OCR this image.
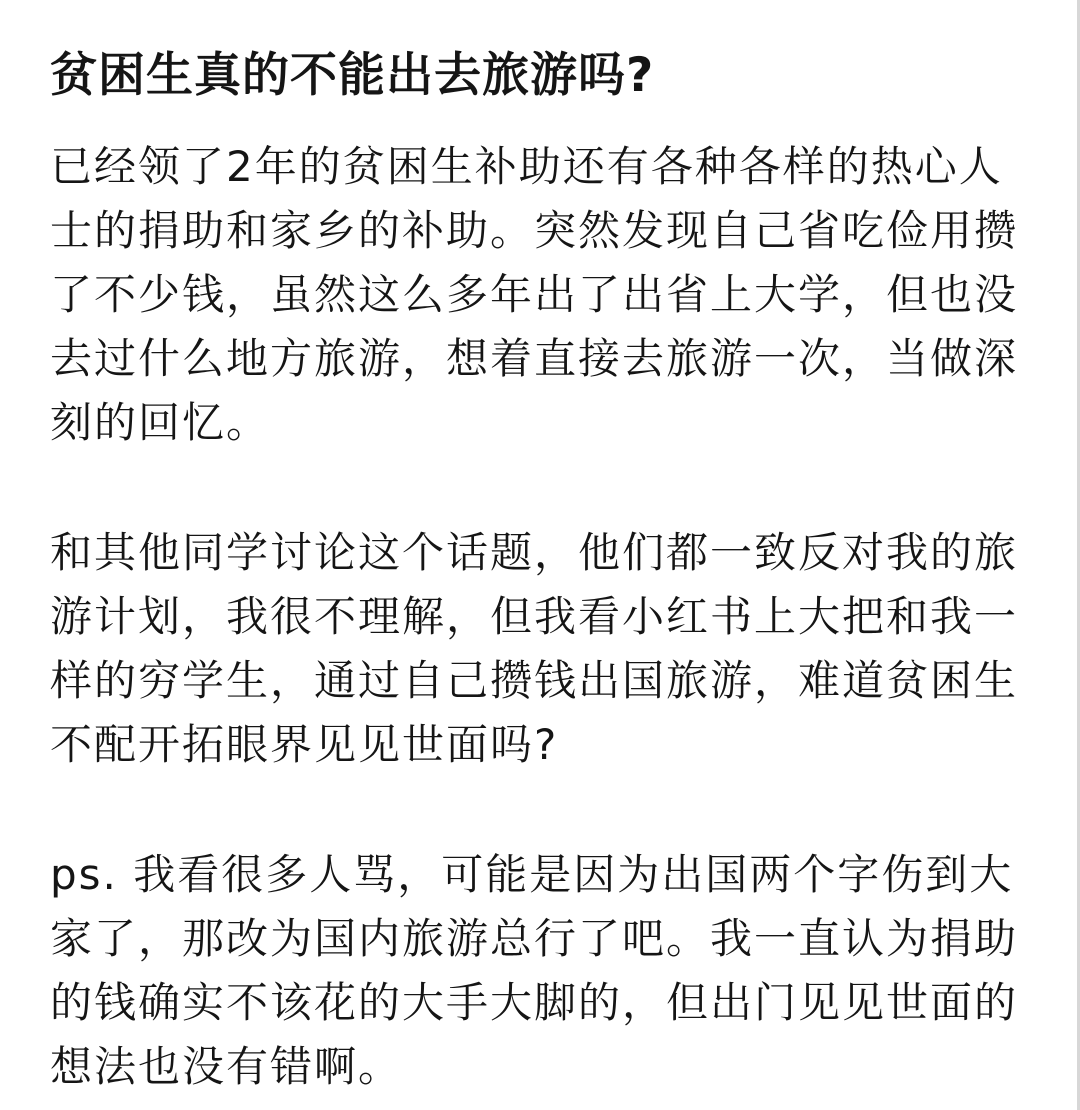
贫困生真的不能出去旅游吗?

已经领了2年的贫困生补助还有各种各样的热心人
士的捐助和家乡的补助。突然发现自己省吃俭用攒
了不少钱，虽然这么多年出了出省上大学，但也没
去过什么地方旅游，想着直接去旅游一次，当做深
刻的回忆。

和其他同学讨论这个话题，他们都一致反对我的旅
游计划，我很不理解，但我看小红书上大把和我一
样的穷学生，通过自己攒钱出国旅游，难道贫困生
不配开拓眼界见见世面吗?

ps. 我看很多人骂，可能是因为出国两个字伤到大
家了，那改为国内旅游总行了吧。我一直认为捐助
的钱确实不该花的大手大脚的，但出门见见世面的
想法也没有错啊。
